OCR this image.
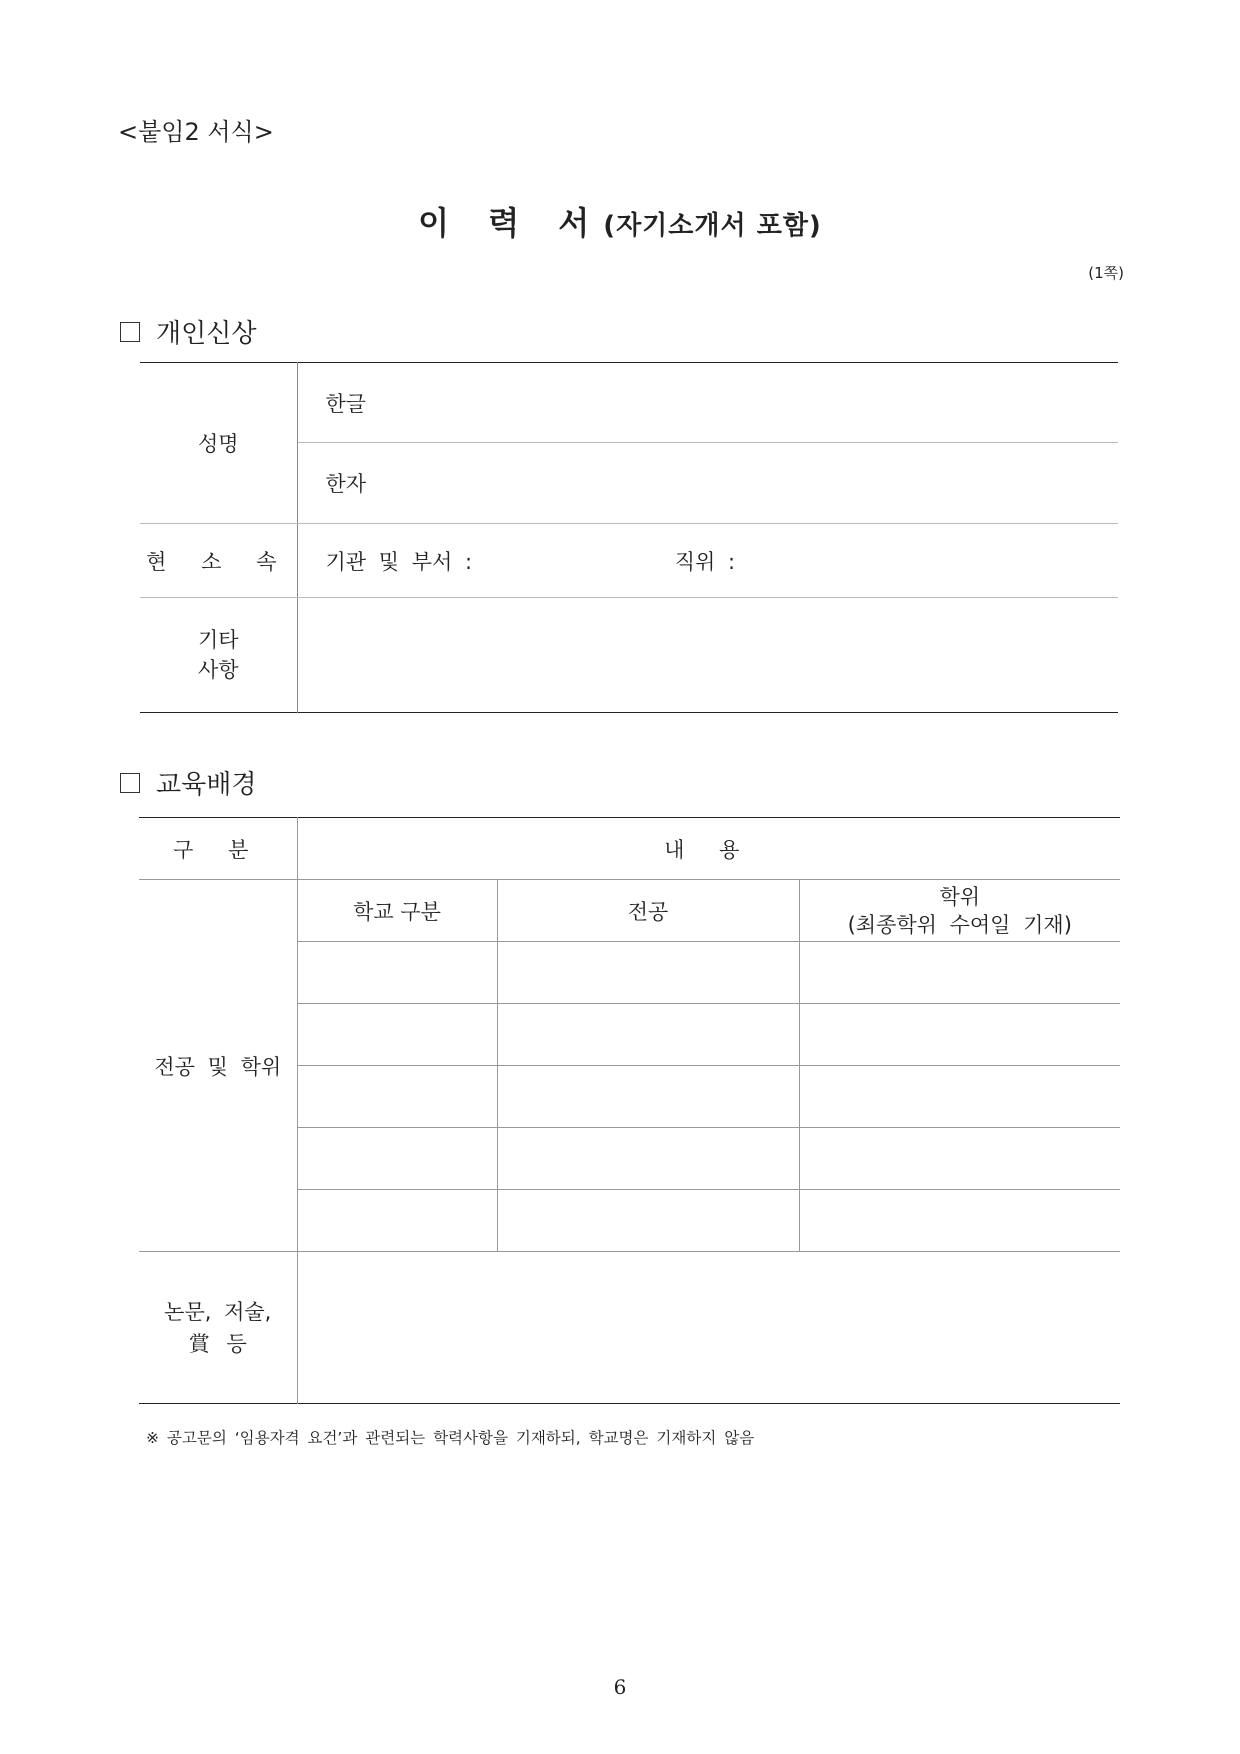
<붙임2 서식>
이 력 서(자기소개서 포함)
(1쪽)
개인신상
성명	한글
	한자
현 소 속	기관 및 부서 : 직위 :

기타
사항	

교육배경
구 분	내 용		
전공 및 학위	학교 구분	전공	학위
(최종학위 수여일 기재)

논문, 저술,
賞 등			

※ 공고문의 ‘임용자격 요건’과 관련되는 학력사항을 기재하되, 학교명은 기재하지 않음
6
